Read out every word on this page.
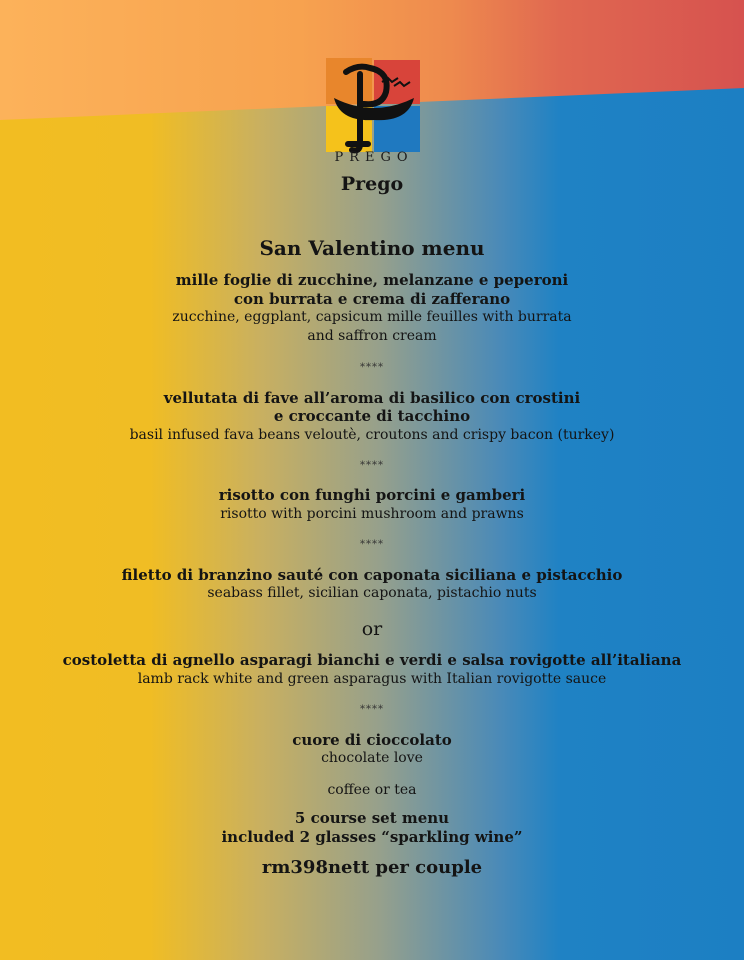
PREGO
Prego
San Valentino menu
mille foglie di zucchine, melanzane e peperoni
con burrata e crema di zafferano
zucchine, eggplant, capsicum mille feuilles with burrata
and saffron cream
****
vellutata di fave all’aroma di basilico con crostini
e croccante di tacchino
basil infused fava beans veloutè, croutons and crispy bacon (turkey)
****
risotto con funghi porcini e gamberi
risotto with porcini mushroom and prawns
****
filetto di branzino sauté con caponata siciliana e pistacchio
seabass fillet, sicilian caponata, pistachio nuts
or
costoletta di agnello asparagi bianchi e verdi e salsa rovigotte all’italiana
lamb rack white and green asparagus with Italian rovigotte sauce
****
cuore di cioccolato
chocolate love
coffee or tea
5 course set menu
included 2 glasses “sparkling wine”
rm398nett per couple
